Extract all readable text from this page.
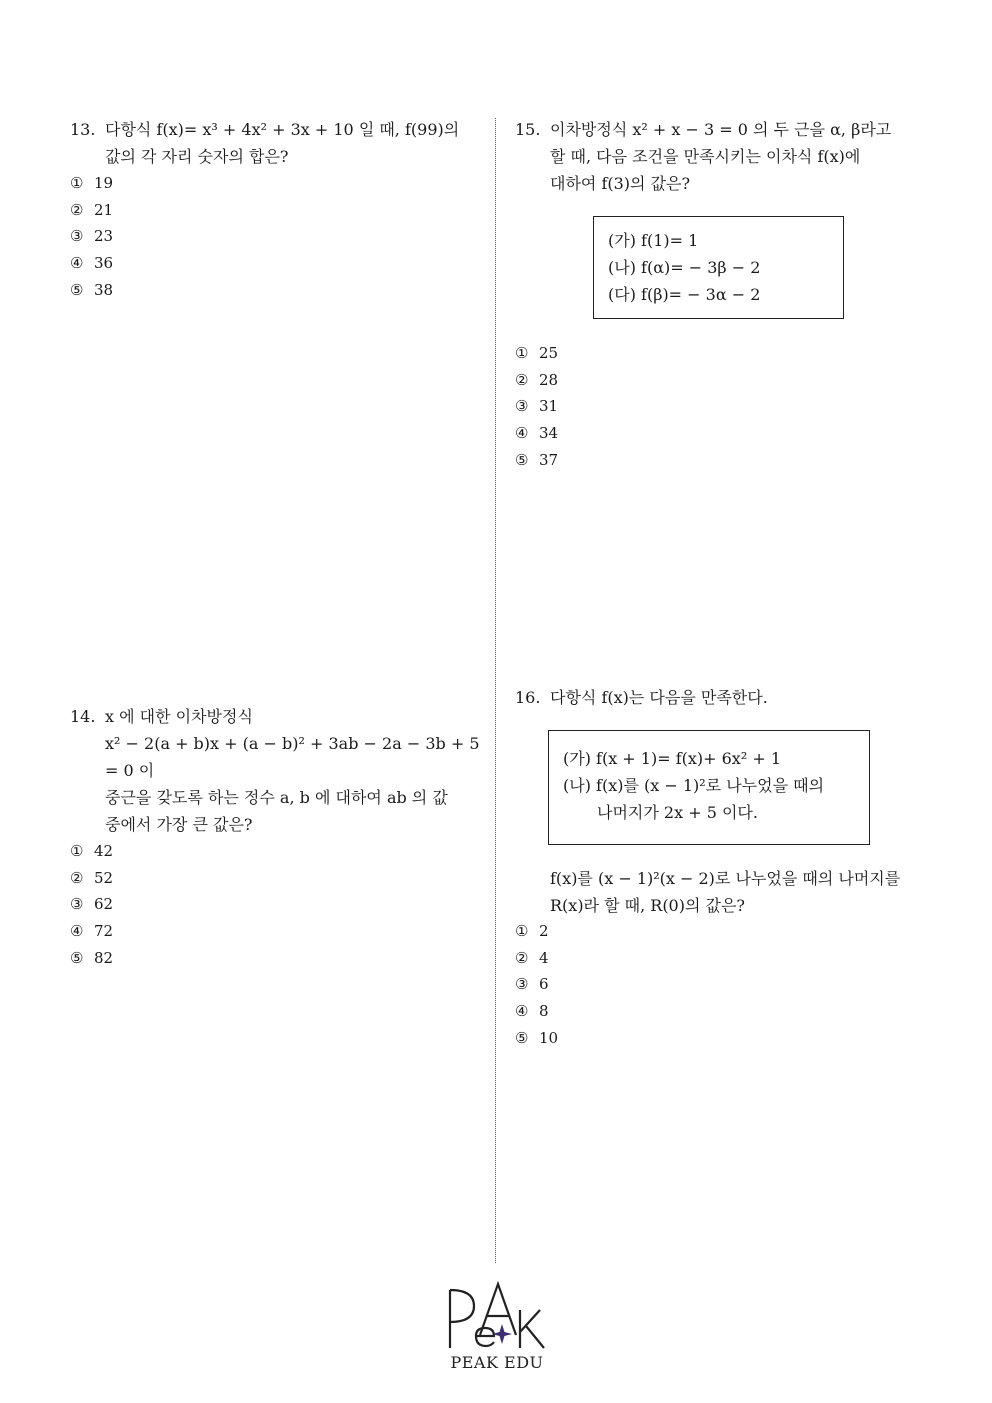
13. 다항식 f(x)= x³ + 4x² + 3x + 10 일 때, f(99)의
값의 각 자리 숫자의 합은?
① 19
② 21
③ 23
④ 36
⑤ 38
14. x 에 대한 이차방정식
x² − 2(a + b)x + (a − b)² + 3ab − 2a − 3b + 5 = 0 이
중근을 갖도록 하는 정수 a, b 에 대하여 ab 의 값
중에서 가장 큰 값은?
① 42
② 52
③ 62
④ 72
⑤ 82
15. 이차방정식 x² + x − 3 = 0 의 두 근을 α, β라고
할 때, 다음 조건을 만족시키는 이차식 f(x)에
대하여 f(3)의 값은?
(가) f(1)= 1
(나) f(α)= − 3β − 2
(다) f(β)= − 3α − 2
① 25
② 28
③ 31
④ 34
⑤ 37
16. 다항식 f(x)는 다음을 만족한다.
(가) f(x + 1)= f(x)+ 6x² + 1
(나) f(x)를 (x − 1)²로 나누었을 때의
나머지가 2x + 5 이다.
f(x)를 (x − 1)²(x − 2)로 나누었을 때의 나머지를
R(x)라 할 때, R(0)의 값은?
① 2
② 4
③ 6
④ 8
⑤ 10
PEAK EDU
